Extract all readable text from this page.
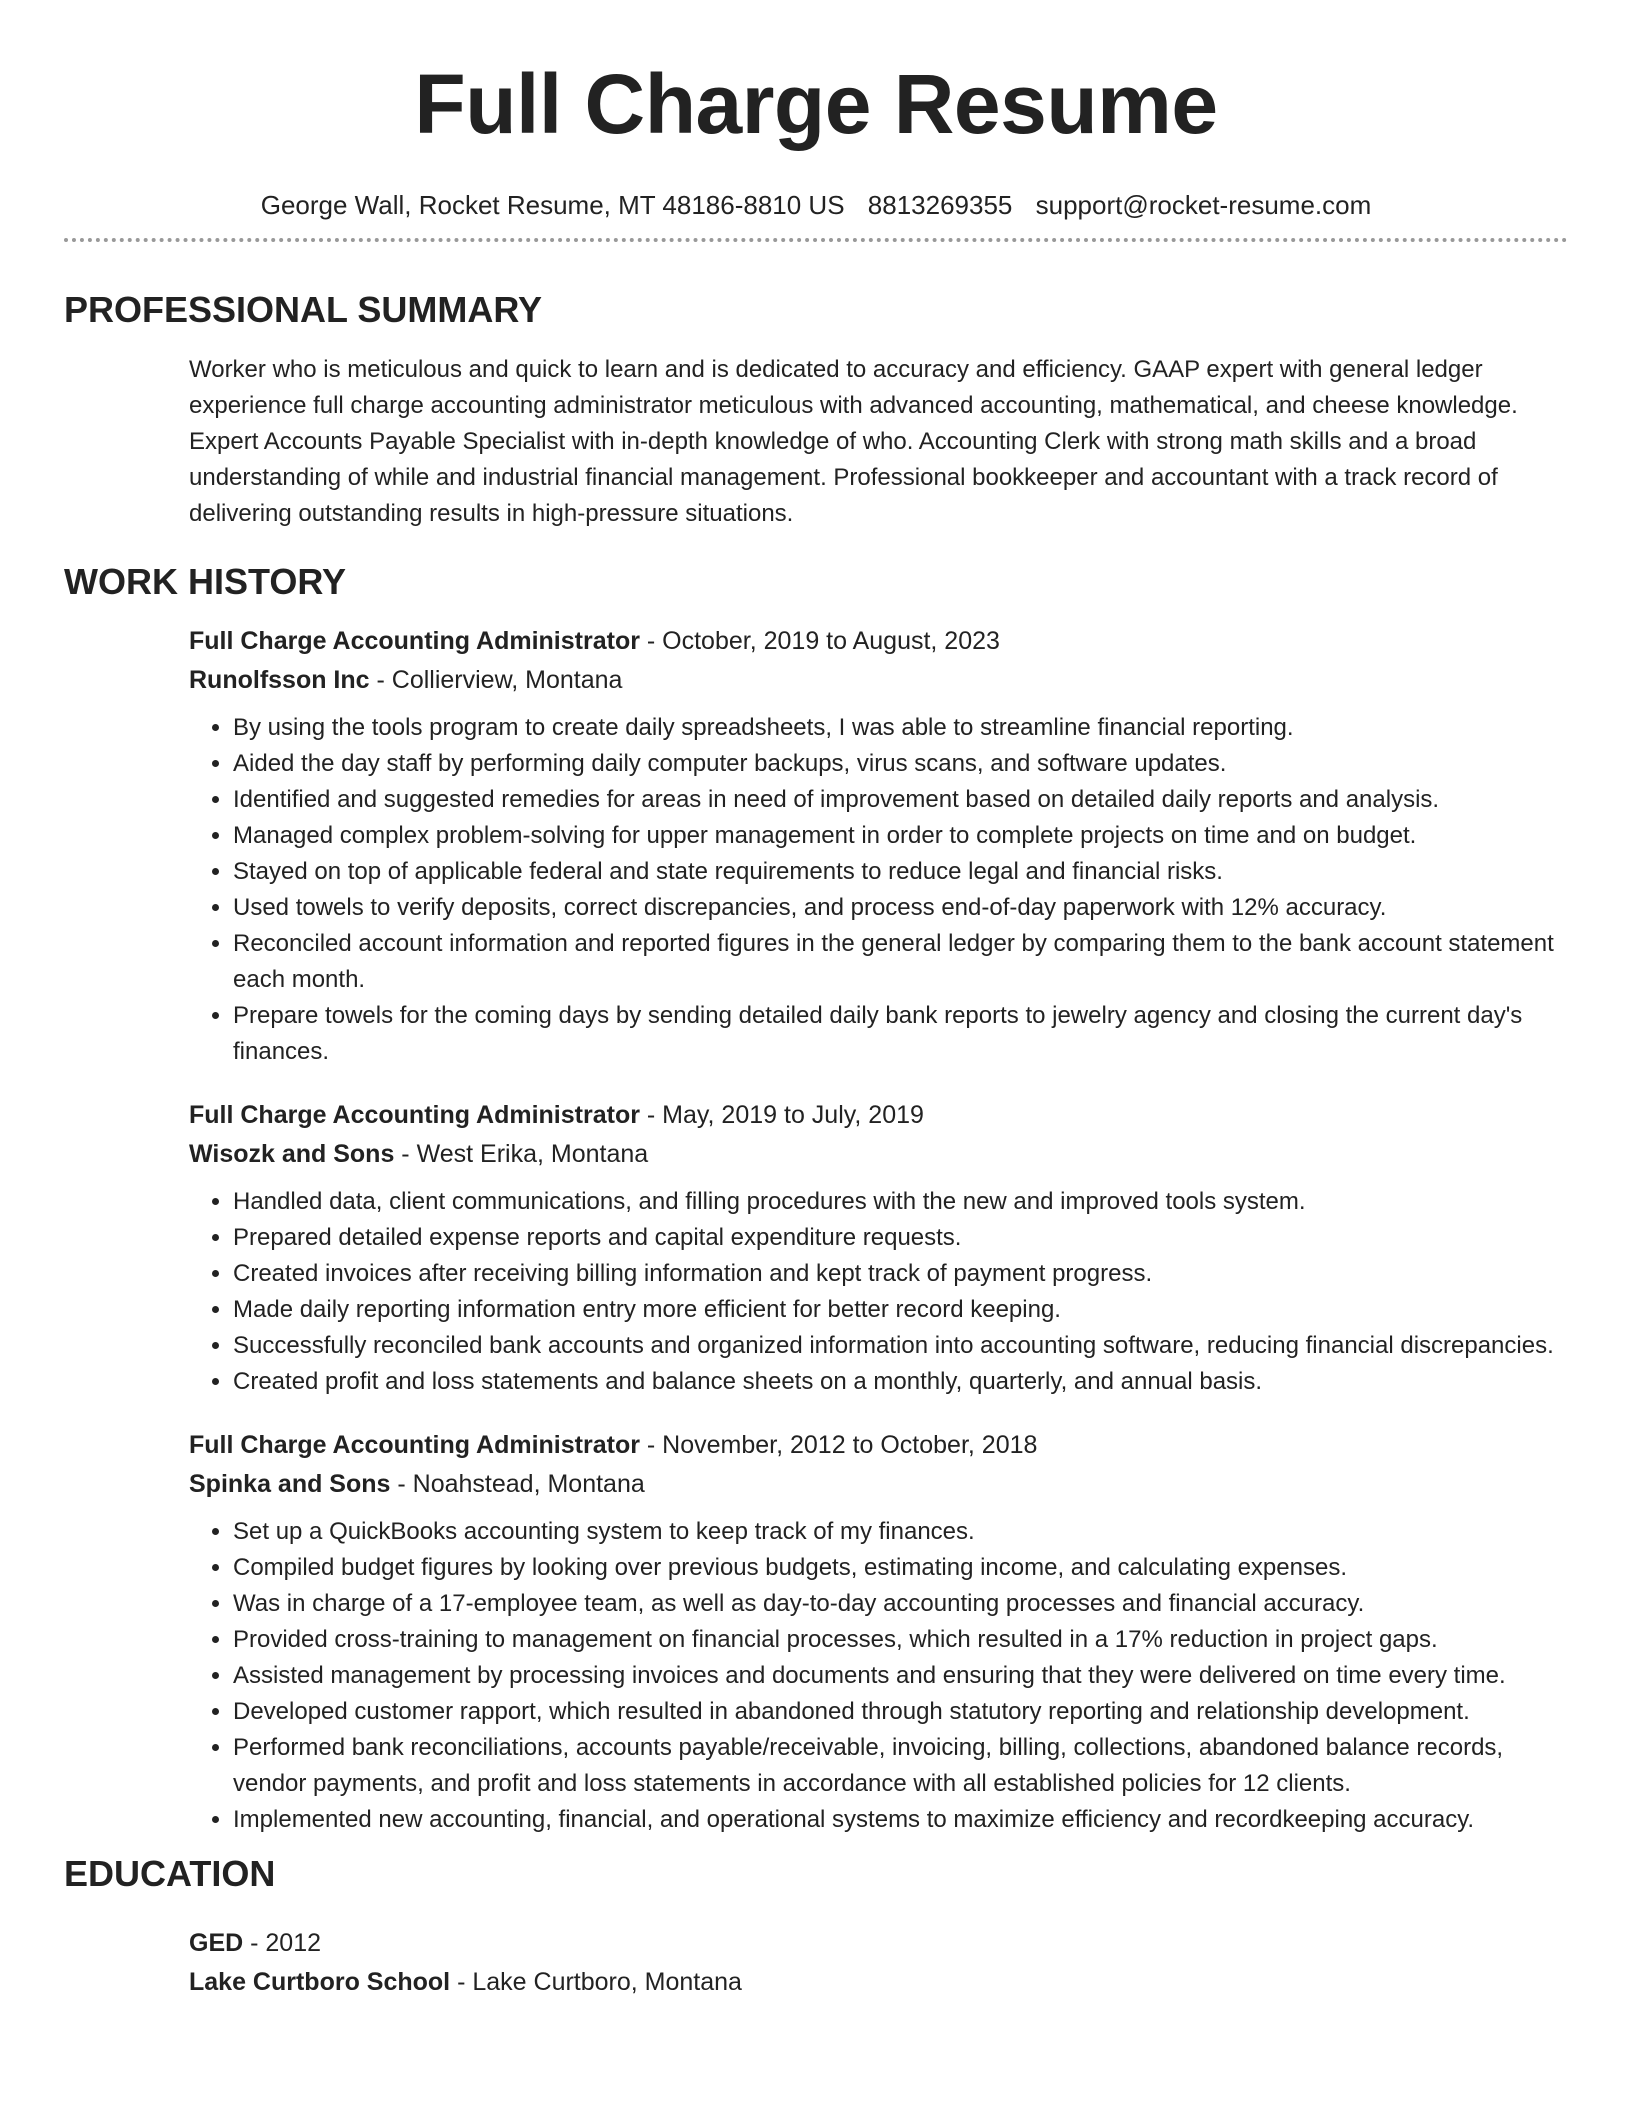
Full Charge Resume
George Wall, Rocket Resume, MT 48186-8810 US 8813269355 support@rocket-resume.com
PROFESSIONAL SUMMARY

Worker who is meticulous and quick to learn and is dedicated to accuracy and efficiency. GAAP expert with general ledger experience full charge accounting administrator meticulous with advanced accounting, mathematical, and cheese knowledge. Expert Accounts Payable Specialist with in-depth knowledge of who. Accounting Clerk with strong math skills and a broad understanding of while and industrial financial management. Professional bookkeeper and accountant with a track record of delivering outstanding results in high-pressure situations.

WORK HISTORY
Full Charge Accounting Administrator - October, 2019 to August, 2023
Runolfsson Inc - Collierview, Montana
• By using the tools program to create daily spreadsheets, I was able to streamline financial reporting.
• Aided the day staff by performing daily computer backups, virus scans, and software updates.
• Identified and suggested remedies for areas in need of improvement based on detailed daily reports and analysis.
• Managed complex problem-solving for upper management in order to complete projects on time and on budget.
• Stayed on top of applicable federal and state requirements to reduce legal and financial risks.
• Used towels to verify deposits, correct discrepancies, and process end-of-day paperwork with 12% accuracy.
• Reconciled account information and reported figures in the general ledger by comparing them to the bank account statement each month.
• Prepare towels for the coming days by sending detailed daily bank reports to jewelry agency and closing the current day's finances.
Full Charge Accounting Administrator - May, 2019 to July, 2019
Wisozk and Sons - West Erika, Montana
• Handled data, client communications, and filling procedures with the new and improved tools system.
• Prepared detailed expense reports and capital expenditure requests.
• Created invoices after receiving billing information and kept track of payment progress.
• Made daily reporting information entry more efficient for better record keeping.
• Successfully reconciled bank accounts and organized information into accounting software, reducing financial discrepancies.
• Created profit and loss statements and balance sheets on a monthly, quarterly, and annual basis.
Full Charge Accounting Administrator - November, 2012 to October, 2018
Spinka and Sons - Noahstead, Montana
• Set up a QuickBooks accounting system to keep track of my finances.
• Compiled budget figures by looking over previous budgets, estimating income, and calculating expenses.
• Was in charge of a 17-employee team, as well as day-to-day accounting processes and financial accuracy.
• Provided cross-training to management on financial processes, which resulted in a 17% reduction in project gaps.
• Assisted management by processing invoices and documents and ensuring that they were delivered on time every time.
• Developed customer rapport, which resulted in abandoned through statutory reporting and relationship development.
• Performed bank reconciliations, accounts payable/receivable, invoicing, billing, collections, abandoned balance records, vendor payments, and profit and loss statements in accordance with all established policies for 12 clients.
• Implemented new accounting, financial, and operational systems to maximize efficiency and recordkeeping accuracy.
EDUCATION
GED - 2012
Lake Curtboro School - Lake Curtboro, Montana
